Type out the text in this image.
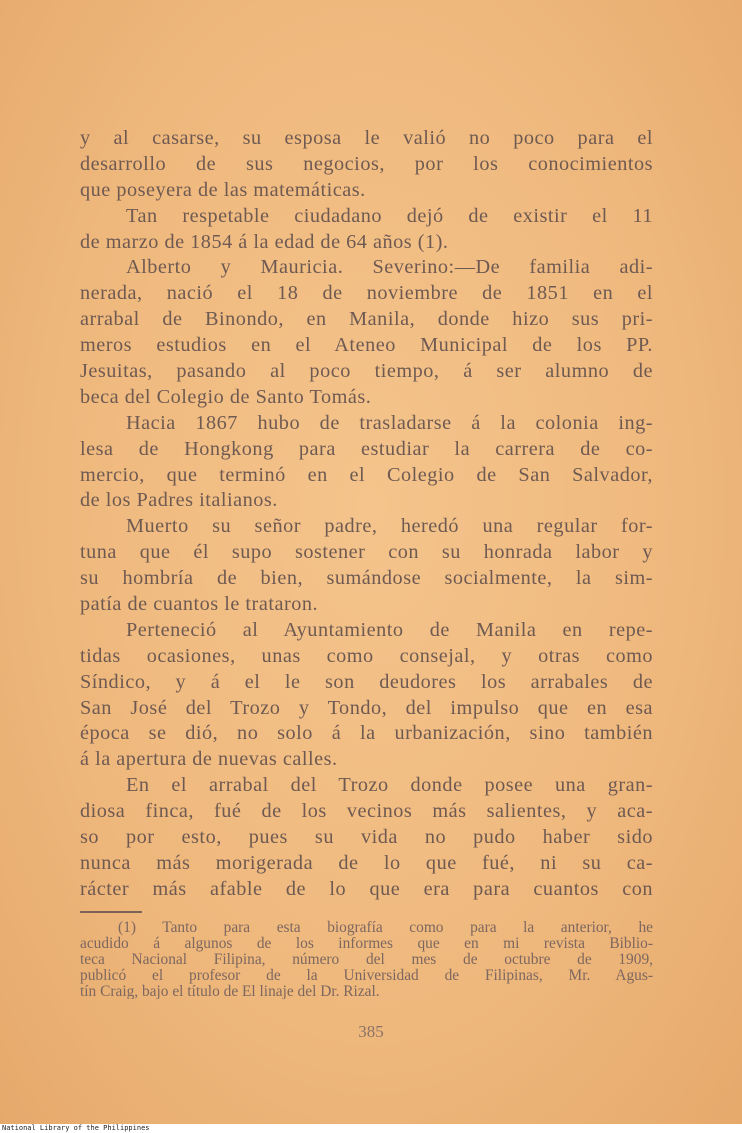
y al casarse, su esposa le valió no poco para el
desarrollo de sus negocios, por los conocimientos
que poseyera de las matemáticas.
Tan respetable ciudadano dejó de existir el 11
de marzo de 1854 á la edad de 64 años (1).
Alberto y Mauricia. Severino:—De familia adi-
nerada, nació el 18 de noviembre de 1851 en el
arrabal de Binondo, en Manila, donde hizo sus pri-
meros estudios en el Ateneo Municipal de los PP.
Jesuitas, pasando al poco tiempo, á ser alumno de
beca del Colegio de Santo Tomás.
Hacia 1867 hubo de trasladarse á la colonia ing-
lesa de Hongkong para estudiar la carrera de co-
mercio, que terminó en el Colegio de San Salvador,
de los Padres italianos.
Muerto su señor padre, heredó una regular for-
tuna que él supo sostener con su honrada labor y
su hombría de bien, sumándose socialmente, la sim-
patía de cuantos le trataron.
Perteneció al Ayuntamiento de Manila en repe-
tidas ocasiones, unas como consejal, y otras como
Síndico, y á el le son deudores los arrabales de
San José del Trozo y Tondo, del impulso que en esa
época se dió, no solo á la urbanización, sino también
á la apertura de nuevas calles.
En el arrabal del Trozo donde posee una gran-
diosa finca, fué de los vecinos más salientes, y aca-
so por esto, pues su vida no pudo haber sido
nunca más morigerada de lo que fué, ni su ca-
rácter más afable de lo que era para cuantos con
(1) Tanto para esta biografía como para la anterior, he
acudido á algunos de los informes que en mi revista Biblio-
teca Nacional Filipina, número del mes de octubre de 1909,
publicó el profesor de la Universidad de Filipinas, Mr. Agus-
tín Craig, bajo el título de El linaje del Dr. Rizal.
385
National Library of the Philippines
